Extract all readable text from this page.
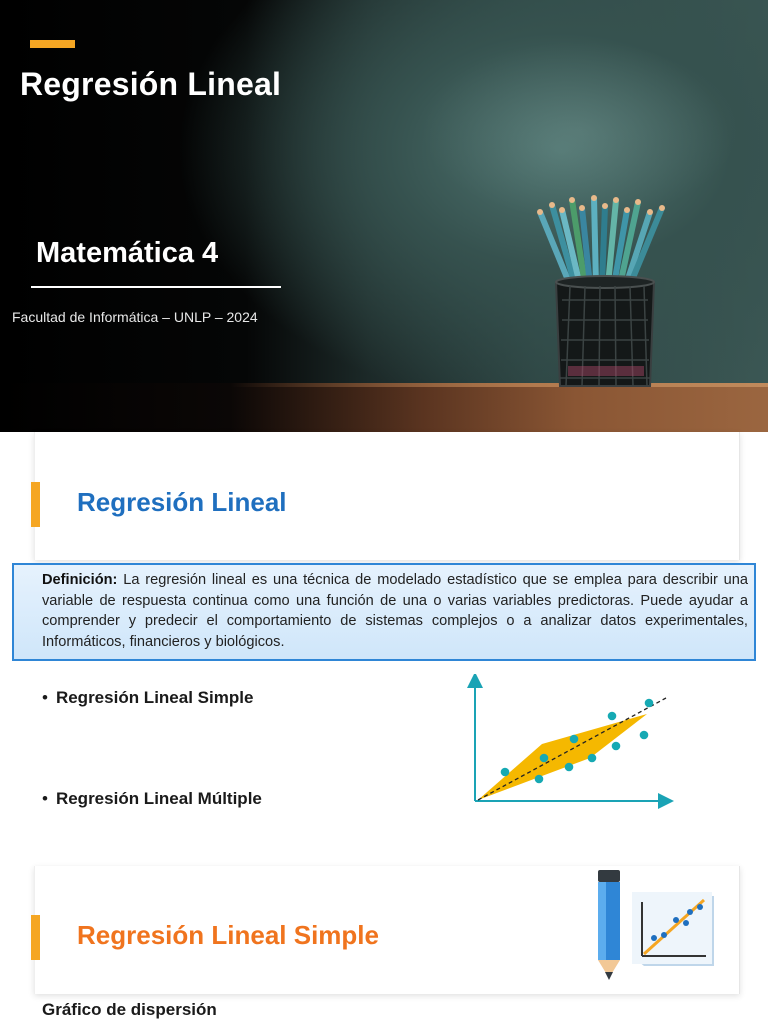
Regresión Lineal
Matemática 4
Facultad de Informática – UNLP – 2024
Regresión Lineal
Definición: La regresión lineal es una técnica de modelado estadístico que se emplea para describir una variable de respuesta continua como una función de una o varias variables predictoras. Puede ayudar a comprender y predecir el comportamiento de sistemas complejos o a analizar datos experimentales, Informáticos, financieros y biológicos.
• Regresión Lineal Simple
• Regresión Lineal Múltiple
Regresión Lineal Simple
Gráfico de dispersión
